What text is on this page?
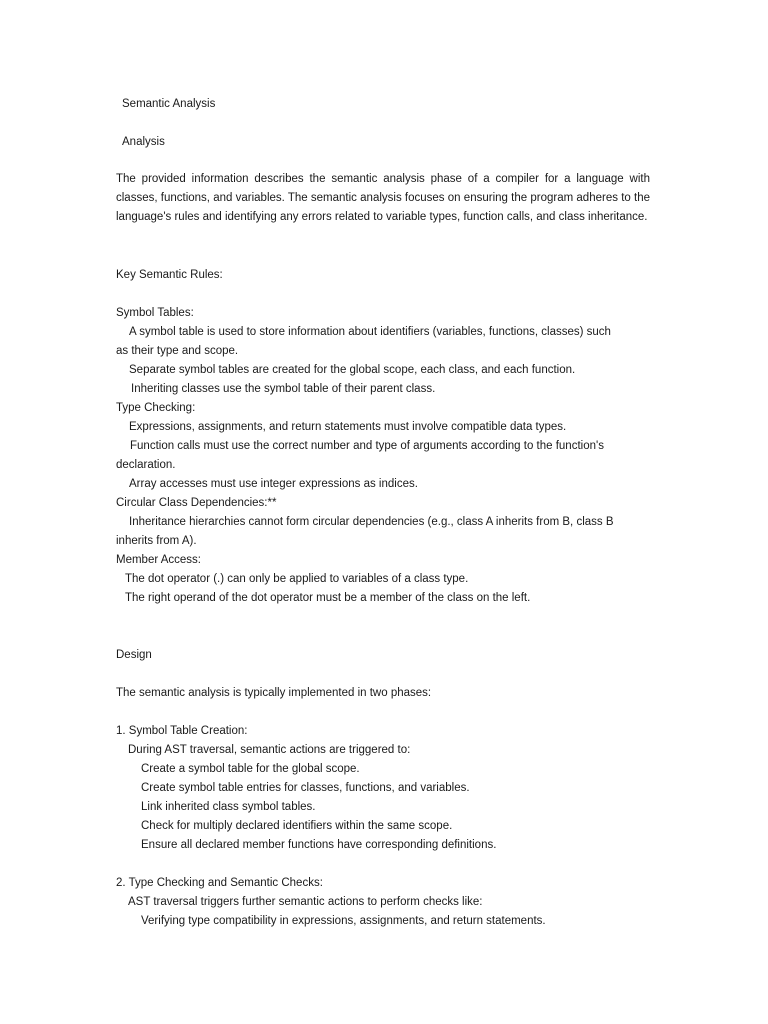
Semantic Analysis
Analysis
The provided information describes the semantic analysis phase of a compiler for a language with classes, functions, and variables. The semantic analysis focuses on ensuring the program adheres to the language's rules and identifying any errors related to variable types, function calls, and class inheritance.
Key Semantic Rules:
Symbol Tables:
A symbol table is used to store information about identifiers (variables, functions, classes) such
as their type and scope.
Separate symbol tables are created for the global scope, each class, and each function.
Inheriting classes use the symbol table of their parent class.
Type Checking:
Expressions, assignments, and return statements must involve compatible data types.
Function calls must use the correct number and type of arguments according to the function's
declaration.
Array accesses must use integer expressions as indices.
Circular Class Dependencies:**
Inheritance hierarchies cannot form circular dependencies (e.g., class A inherits from B, class B
inherits from A).
Member Access:
The dot operator (.) can only be applied to variables of a class type.
The right operand of the dot operator must be a member of the class on the left.
Design
The semantic analysis is typically implemented in two phases:
1. Symbol Table Creation:
During AST traversal, semantic actions are triggered to:
Create a symbol table for the global scope.
Create symbol table entries for classes, functions, and variables.
Link inherited class symbol tables.
Check for multiply declared identifiers within the same scope.
Ensure all declared member functions have corresponding definitions.
2. Type Checking and Semantic Checks:
AST traversal triggers further semantic actions to perform checks like:
Verifying type compatibility in expressions, assignments, and return statements.
